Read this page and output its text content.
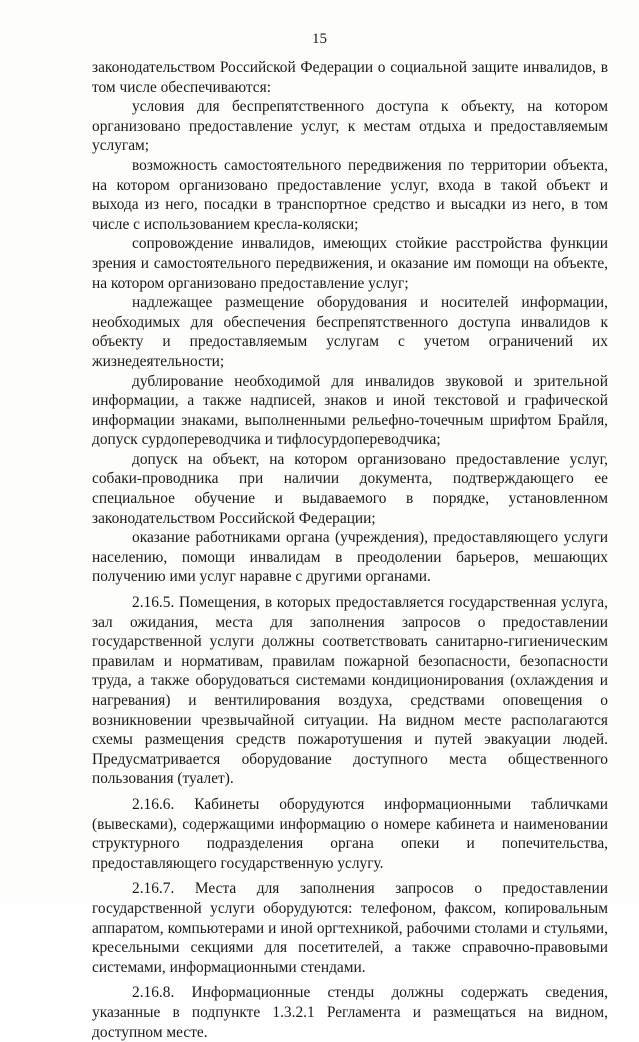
15

законодательством Российской Федерации о социальной защите инвалидов, в том числе обеспечиваются:

условия для беспрепятственного доступа к объекту, на котором организовано предоставление услуг, к местам отдыха и предоставляемым услугам;

возможность самостоятельного передвижения по территории объекта, на котором организовано предоставление услуг, входа в такой объект и выхода из него, посадки в транспортное средство и высадки из него, в том числе с использованием кресла-коляски;

сопровождение инвалидов, имеющих стойкие расстройства функции зрения и самостоятельного передвижения, и оказание им помощи на объекте, на котором организовано предоставление услуг;

надлежащее размещение оборудования и носителей информации, необходимых для обеспечения беспрепятственного доступа инвалидов к объекту и предоставляемым услугам с учетом ограничений их жизнедеятельности;

дублирование необходимой для инвалидов звуковой и зрительной информации, а также надписей, знаков и иной текстовой и графической информации знаками, выполненными рельефно-точечным шрифтом Брайля, допуск сурдопереводчика и тифлосурдопереводчика;

допуск на объект, на котором организовано предоставление услуг, собаки-проводника при наличии документа, подтверждающего ее специальное обучение и выдаваемого в порядке, установленном законодательством Российской Федерации;

оказание работниками органа (учреждения), предоставляющего услуги населению, помощи инвалидам в преодолении барьеров, мешающих получению ими услуг наравне с другими органами.

2.16.5. Помещения, в которых предоставляется государственная услуга, зал ожидания, места для заполнения запросов о предоставлении государственной услуги должны соответствовать санитарно-гигиеническим правилам и нормативам, правилам пожарной безопасности, безопасности труда, а также оборудоваться системами кондиционирования (охлаждения и нагревания) и вентилирования воздуха, средствами оповещения о возникновении чрезвычайной ситуации. На видном месте располагаются схемы размещения средств пожаротушения и путей эвакуации людей. Предусматривается оборудование доступного места общественного пользования (туалет).

2.16.6. Кабинеты оборудуются информационными табличками (вывесками), содержащими информацию о номере кабинета и наименовании структурного подразделения органа опеки и попечительства, предоставляющего государственную услугу.

2.16.7. Места для заполнения запросов о предоставлении государственной услуги оборудуются: телефоном, факсом, копировальным аппаратом, компьютерами и иной оргтехникой, рабочими столами и стульями, кресельными секциями для посетителей, а также справочно-правовыми системами, информационными стендами.

2.16.8. Информационные стенды должны содержать сведения, указанные в подпункте 1.3.2.1 Регламента и размещаться на видном, доступном месте.
